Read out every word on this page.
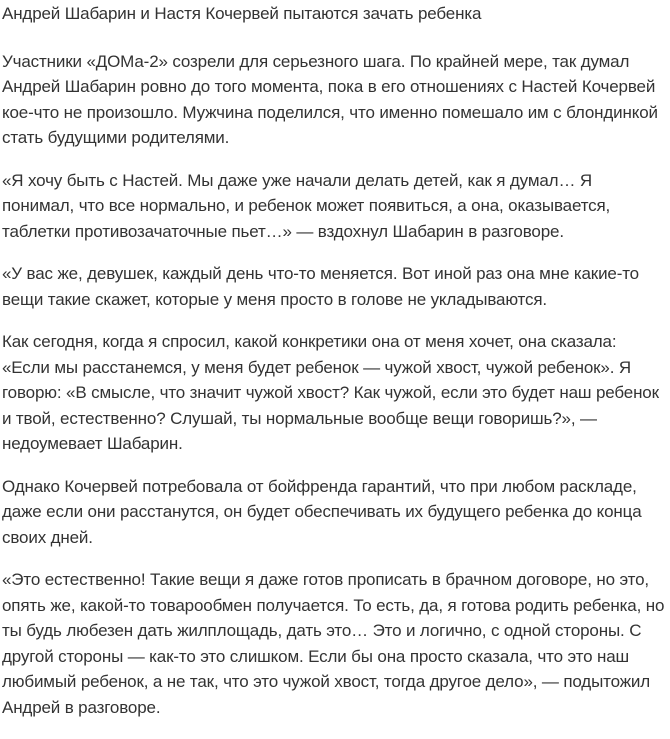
Андрей Шабарин и Настя Кочервей пытаются зачать ребенка

Участники «ДОМа-2» созрели для серьезного шага. По крайней мере, так думал Андрей Шабарин ровно до того момента, пока в его отношениях с Настей Кочервей кое-что не произошло. Мужчина поделился, что именно помешало им с блондинкой стать будущими родителями.

«Я хочу быть с Настей. Мы даже уже начали делать детей, как я думал… Я понимал, что все нормально, и ребенок может появиться, а она, оказывается, таблетки противозачаточные пьет…» — вздохнул Шабарин в разговоре.

«У вас же, девушек, каждый день что-то меняется. Вот иной раз она мне какие-то вещи такие скажет, которые у меня просто в голове не укладываются.

Как сегодня, когда я спросил, какой конкретики она от меня хочет, она сказала: «Если мы расстанемся, у меня будет ребенок — чужой хвост, чужой ребенок». Я говорю: «В смысле, что значит чужой хвост? Как чужой, если это будет наш ребенок и твой, естественно? Слушай, ты нормальные вообще вещи говоришь?», — недоумевает Шабарин.

Однако Кочервей потребовала от бойфренда гарантий, что при любом раскладе, даже если они расстанутся, он будет обеспечивать их будущего ребенка до конца своих дней.

«Это естественно! Такие вещи я даже готов прописать в брачном договоре, но это, опять же, какой-то товарообмен получается. То есть, да, я готова родить ребенка, но ты будь любезен дать жилплощадь, дать это… Это и логично, с одной стороны. С другой стороны — как-то это слишком. Если бы она просто сказала, что это наш любимый ребенок, а не так, что это чужой хвост, тогда другое дело», — подытожил Андрей в разговоре.
